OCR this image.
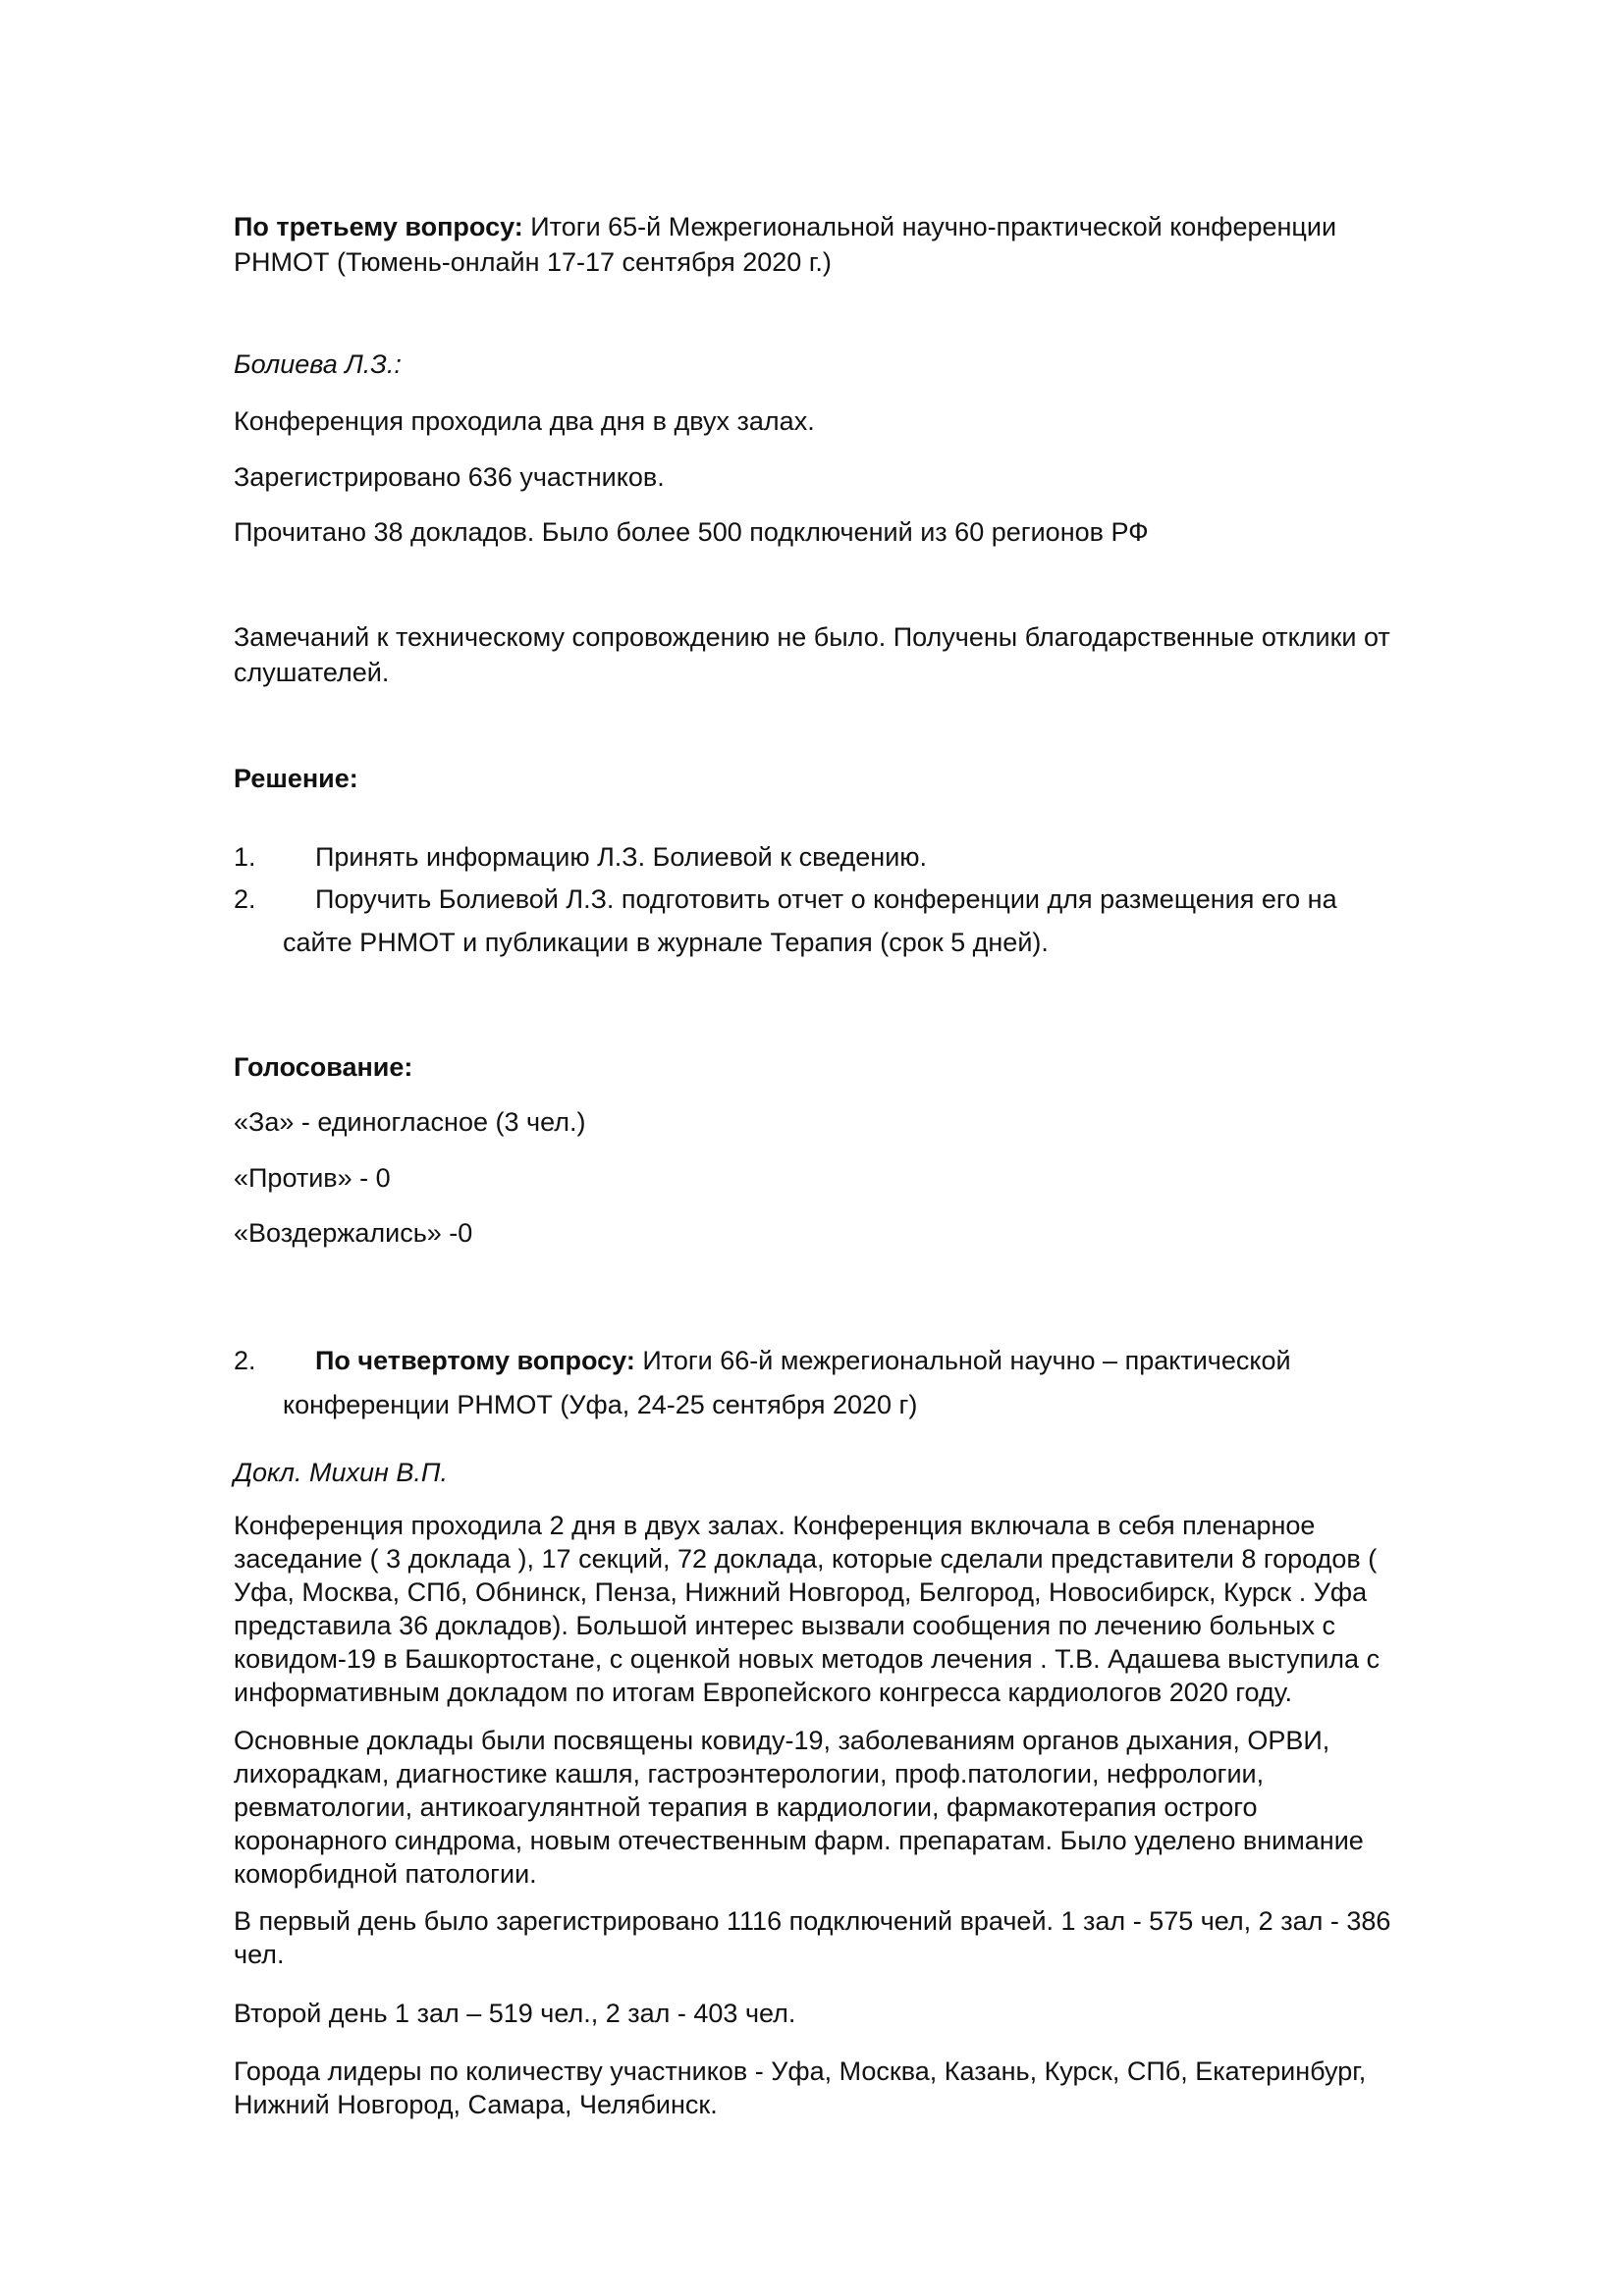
По третьему вопросу: Итоги 65-й Межрегиональной научно-практической конференции
РНМОТ (Тюмень-онлайн 17-17 сентября 2020 г.)
Болиева Л.З.:
Конференция проходила два дня в двух залах.
Зарегистрировано 636 участников.
Прочитано 38 докладов. Было более 500 подключений из 60 регионов РФ
Замечаний к техническому сопровождению не было. Получены благодарственные отклики от
слушателей.
Решение:
1.	Принять информацию Л.З. Болиевой к сведению.
2.	Поручить Болиевой Л.З. подготовить отчет о конференции для размещения его на
сайте РНМОТ и публикации в журнале Терапия (срок 5 дней).
Голосование:
«За» - единогласное (3 чел.)
«Против» - 0
«Воздержались» -0
2.	По четвертому вопросу: Итоги 66-й межрегиональной научно – практической
конференции РНМОТ (Уфа, 24-25 сентября 2020 г)
Докл. Михин В.П.
Конференция проходила 2 дня в двух залах. Конференция включала в себя пленарное
заседание ( 3 доклада ), 17 секций, 72 доклада, которые сделали представители 8 городов (
Уфа, Москва, СПб, Обнинск, Пенза, Нижний Новгород, Белгород, Новосибирск, Курск . Уфа
представила 36 докладов). Большой интерес вызвали сообщения по лечению больных с
ковидом-19 в Башкортостане, с оценкой новых методов лечения . Т.В. Адашева выступила с
информативным докладом по итогам Европейского конгресса кардиологов 2020 году.
Основные доклады были посвящены ковиду-19, заболеваниям органов дыхания, ОРВИ,
лихорадкам, диагностике кашля, гастроэнтерологии, проф.патологии, нефрологии,
ревматологии, антикоагулянтной терапия в кардиологии, фармакотерапия острого
коронарного синдрома, новым отечественным фарм. препаратам. Было уделено внимание
коморбидной патологии.
В первый день было зарегистрировано 1116 подключений врачей. 1 зал - 575 чел, 2 зал - 386
чел.
Второй день 1 зал – 519 чел., 2 зал - 403 чел.
Города лидеры по количеству участников - Уфа, Москва, Казань, Курск, СПб, Екатеринбург,
Нижний Новгород, Самара, Челябинск.
